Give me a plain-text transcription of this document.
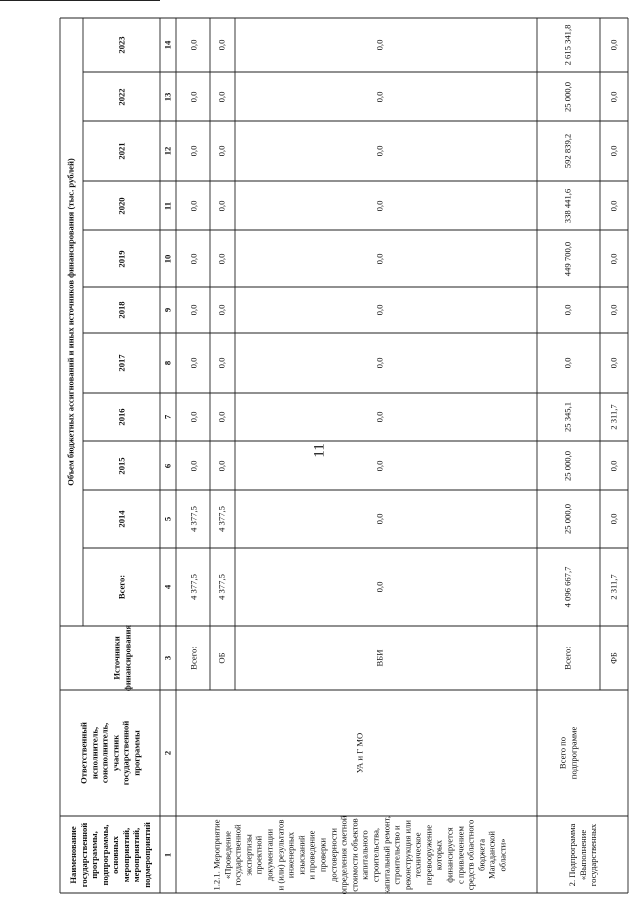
11
Наименование государственной программы, подпрограммы, основных мероприятий, мероприятий, подмероприятий
Ответственный исполнитель, соисполнитель, участник государственной программы
Источники финансирования
Объем бюджетных ассигнований и иных источников финансирования (тыс. рублей)
Всего:
2014
2015
2016
2017
2018
2019
2020
2021
2022
2023
1
2
3
4
5
6
7
8
9
10
11
12
13
14
1.2.1. Мероприятие «Проведение государственной экспертизы проектной документации и (или) результатов инженерных изысканий и проведение проверки достоверности определения сметной стоимости объектов капитального строительства, капитальный ремонт, строительство и реконструкция или техническое перевооружение которых финансируется с привлечением средств областного бюджета Магаданской области»
УА и Г МО
Всего:
4 377,5
4 377,5
0,0
0,0
0,0
0,0
0,0
0,0
0,0
0,0
0,0
ОБ
4 377,5
4 377,5
0,0
0,0
0,0
0,0
0,0
0,0
0,0
0,0
0,0
ВБИ
0,0
0,0
0,0
0,0
0,0
0,0
0,0
0,0
0,0
0,0
0,0
2. Подпрограмма «Выполнение государственных
Всего по подпрограмме
Всего:
4 096 667,7
25 000,0
25 000,0
25 345,1
0,0
0,0
449 700,0
338 441,6
592 839,2
25 000,0
2 615 341,8
ФБ
2 311,7
0,0
0,0
2 311,7
0,0
0,0
0,0
0,0
0,0
0,0
0,0
